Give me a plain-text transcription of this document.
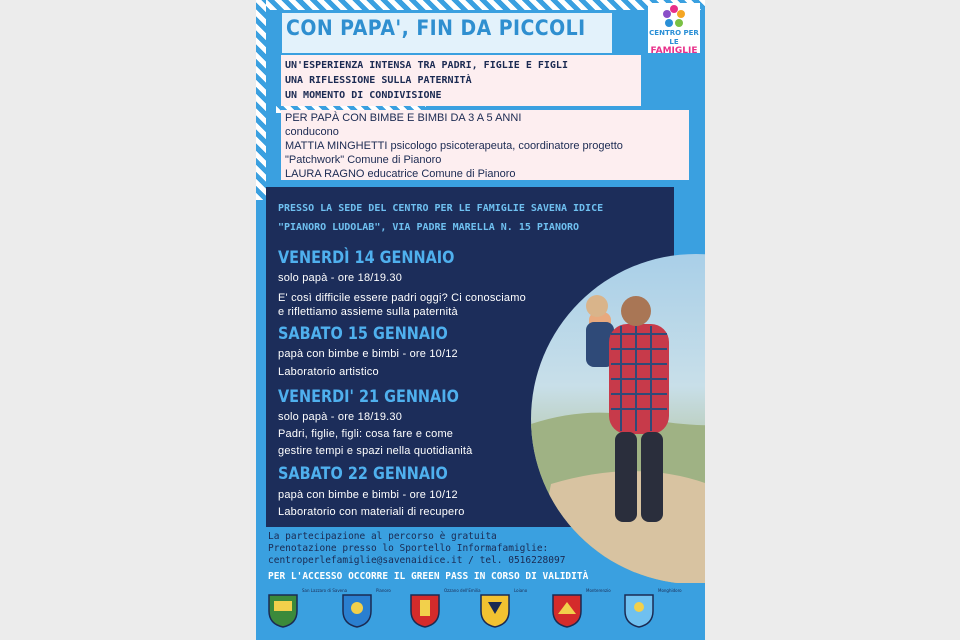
CON PAPA', FIN DA PICCOLI	CENTRO PER LE
FAMIGLIE
UN'ESPERIENZA INTENSA TRA PADRI, FIGLIE E FIGLI
UNA RIFLESSIONE SULLA PATERNITÀ
UN MOMENTO DI CONDIVISIONE
PER PAPÀ CON BIMBE E BIMBI DA 3 A 5 ANNI
conducono
MATTIA MINGHETTI psicologo psicoterapeuta, coordinatore progetto
"Patchwork" Comune di Pianoro
LAURA RAGNO educatrice Comune di Pianoro
PRESSO LA SEDE DEL CENTRO PER LE FAMIGLIE SAVENA IDICE
"PIANORO LUDOLAB", VIA PADRE MARELLA N. 15 PIANORO
VENERDÌ 14 GENNAIO
solo papà - ore 18/19.30
E' così difficile essere padri oggi? Ci conosciamo
e riflettiamo assieme sulla paternità
SABATO 15 GENNAIO
papà con bimbe e bimbi - ore 10/12
Laboratorio artistico
VENERDI' 21 GENNAIO
solo papà - ore 18/19.30
Padri, figlie, figli: cosa fare e come
gestire tempi e spazi nella quotidianità
SABATO 22 GENNAIO
papà con bimbe e bimbi - ore 10/12
Laboratorio con materiali di recupero
La partecipazione al percorso è gratuita
Prenotazione presso lo Sportello Informafamiglie:
centroperlefamiglie@savenaidice.it / tel. 0516228097
PER L'ACCESSO OCCORRE IL GREEN PASS IN CORSO DI VALIDITÀ
San Lazzaro di Savena	Pianoro	Ozzano dell'Emilia	Loiano	Monterenzio	Monghidoro
